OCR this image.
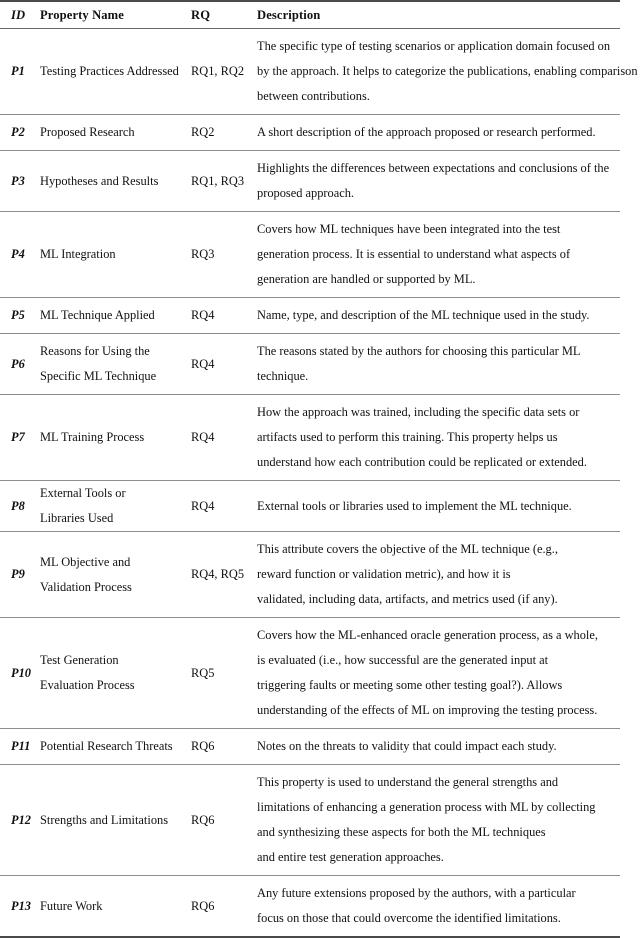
ID	Property Name	RQ	Description
P1	Testing Practices Addressed	RQ1, RQ2	The specific type of testing scenarios or application domain focused on
by the approach. It helps to categorize the publications, enabling comparison
between contributions.

P2	Proposed Research	RQ2	A short description of the approach proposed or research performed.

P3	Hypotheses and Results	RQ1, RQ3	Highlights the differences between expectations and conclusions of the
proposed approach.

P4	ML Integration	RQ3	Covers how ML techniques have been integrated into the test
generation process. It is essential to understand what aspects of
generation are handled or supported by ML.

P5	ML Technique Applied	RQ4	Name, type, and description of the ML technique used in the study.

P6	Reasons for Using the
Specific ML Technique	RQ4	The reasons stated by the authors for choosing this particular ML
technique.

P7	ML Training Process	RQ4	How the approach was trained, including the specific data sets or
artifacts used to perform this training. This property helps us
understand how each contribution could be replicated or extended.

P8	External Tools or
Libraries Used	RQ4	External tools or libraries used to implement the ML technique.

P9	ML Objective and
Validation Process	RQ4, RQ5	This attribute covers the objective of the ML technique (e.g.,
reward function or validation metric), and how it is
validated, including data, artifacts, and metrics used (if any).

P10	Test Generation
Evaluation Process	RQ5	Covers how the ML-enhanced oracle generation process, as a whole,
is evaluated (i.e., how successful are the generated input at
triggering faults or meeting some other testing goal?). Allows
understanding of the effects of ML on improving the testing process.

P11	Potential Research Threats	RQ6	Notes on the threats to validity that could impact each study.

P12	Strengths and Limitations	RQ6	This property is used to understand the general strengths and
limitations of enhancing a generation process with ML by collecting
and synthesizing these aspects for both the ML techniques
and entire test generation approaches.

P13	Future Work	RQ6	Any future extensions proposed by the authors, with a particular
focus on those that could overcome the identified limitations.
